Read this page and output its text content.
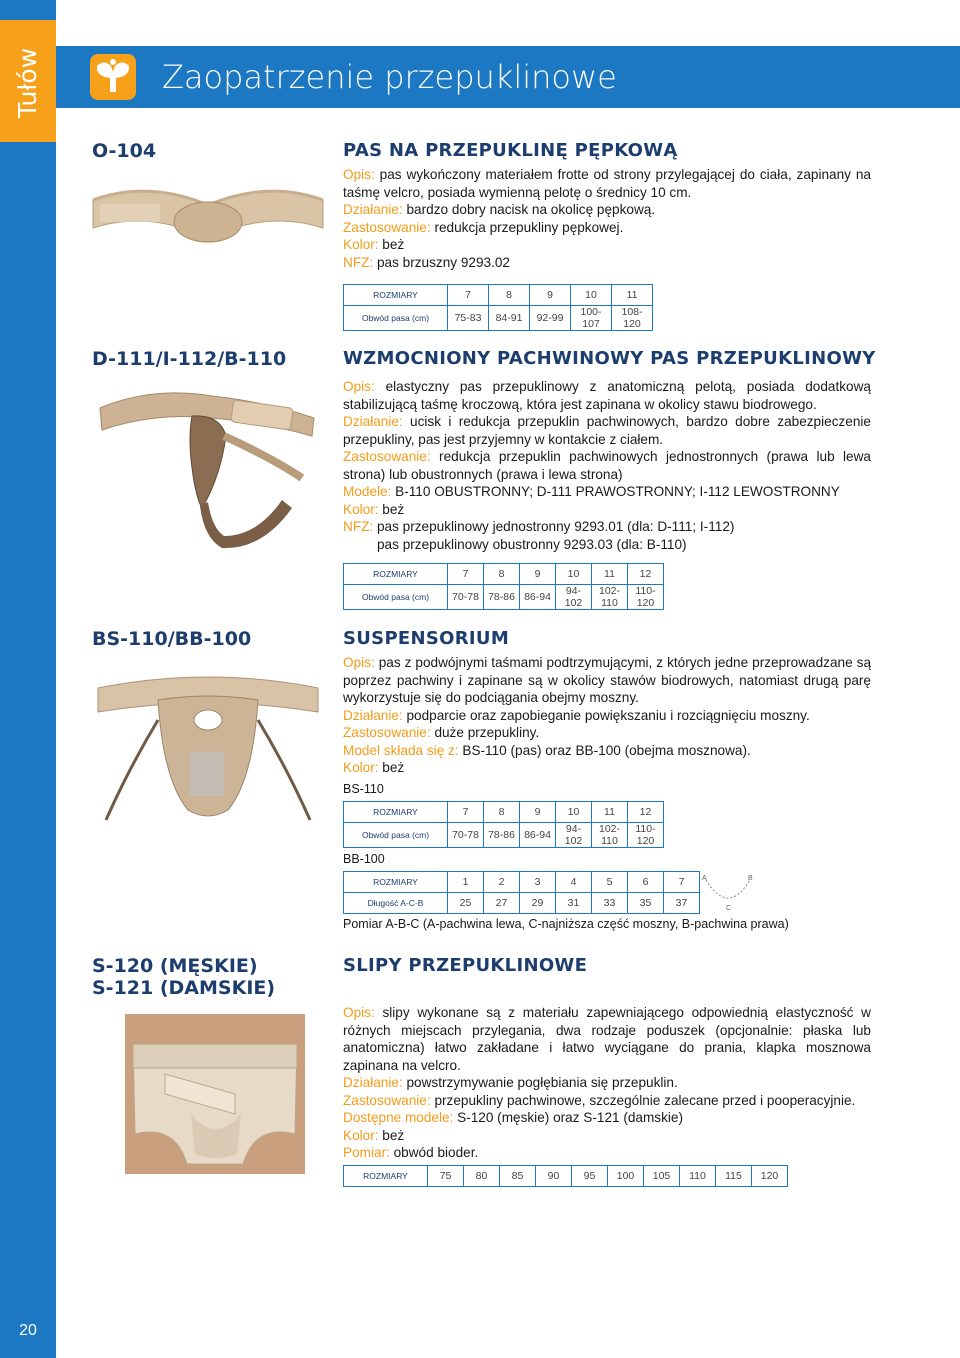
Tułów
20
Zaopatrzenie przepuklinowe
O-104	PAS NA PRZEPUKLINĘ PĘPKOWĄ

Opis: pas wykończony materiałem frotte od strony przylegającej do ciała, zapinany na taśmę velcro, posiada wymienną pelotę o średnicy 10 cm.

Działanie: bardzo dobry nacisk na okolicę pępkową.

Zastosowanie: redukcja przepukliny pępkowej.

Kolor: beż

NFZ: pas brzuszny 9293.02

ROZMIARY	7	8	9	10	11
Obwód pasa (cm)	75-83	84-91	92-99	100-107	108-120
D-111/I-112/B-110	WZMOCNIONY PACHWINOWY PAS PRZEPUKLINOWY

Opis: elastyczny pas przepuklinowy z anatomiczną pelotą, posiada dodatkową stabilizującą taśmę kroczową, która jest zapinana w okolicy stawu biodrowego.

Działanie: ucisk i redukcja przepuklin pachwinowych, bardzo dobre zabezpieczenie przepukliny, pas jest przyjemny w kontakcie z ciałem.

Zastosowanie: redukcja przepuklin pachwinowych jednostronnych (prawa lub lewa strona) lub obustronnych (prawa i lewa strona)

Modele: B-110 OBUSTRONNY; D-111 PRAWOSTRONNY; I-112 LEWOSTRONNY

Kolor: beż

NFZ: pas przepuklinowy jednostronny 9293.01 (dla: D-111; I-112)

pas przepuklinowy obustronny 9293.03 (dla: B-110)

ROZMIARY	7	8	9	10	11	12
Obwód pasa (cm)	70-78	78-86	86-94	94-102	102-110	110-120
BS-110/BB-100	SUSPENSORIUM

Opis: pas z podwójnymi taśmami podtrzymującymi, z których jedne przeprowadzane są poprzez pachwiny i zapinane są w okolicy stawów biodrowych, natomiast drugą parę wykorzystuje się do podciągania obejmy moszny.

Działanie: podparcie oraz zapobieganie powiększaniu i rozciągnięciu moszny.

Zastosowanie: duże przepukliny.

Model składa się z: BS-110 (pas) oraz BB-100 (obejma mosznowa).

Kolor: beż

BS-110
ROZMIARY	7	8	9	10	11	12
Obwód pasa (cm)	70-78	78-86	86-94	94-102	102-110	110-120
BB-100
ROZMIARY	1	2	3	4	5	6	7
Długość A-C-B	25	27	29	31	33	35	37
A	B
C
Pomiar A-B-C (A-pachwina lewa, C-najniższa część moszny, B-pachwina prawa)
S-120 (MĘSKIE)
S-121 (DAMSKIE)
SLIPY PRZEPUKLINOWE

Opis: slipy wykonane są z materiału zapewniającego odpowiednią elastyczność w różnych miejscach przylegania, dwa rodzaje poduszek (opcjonalnie: płaska lub anatomiczna) łatwo zakładane i łatwo wyciągane do prania, klapka mosznowa zapinana na velcro.

Działanie: powstrzymywanie pogłębiania się przepuklin.

Zastosowanie: przepukliny pachwinowe, szczególnie zalecane przed i pooperacyjnie.

Dostępne modele: S-120 (męskie) oraz S-121 (damskie)

Kolor: beż

Pomiar: obwód bioder.

ROZMIARY	75	80	85	90	95	100	105	110	115	120
